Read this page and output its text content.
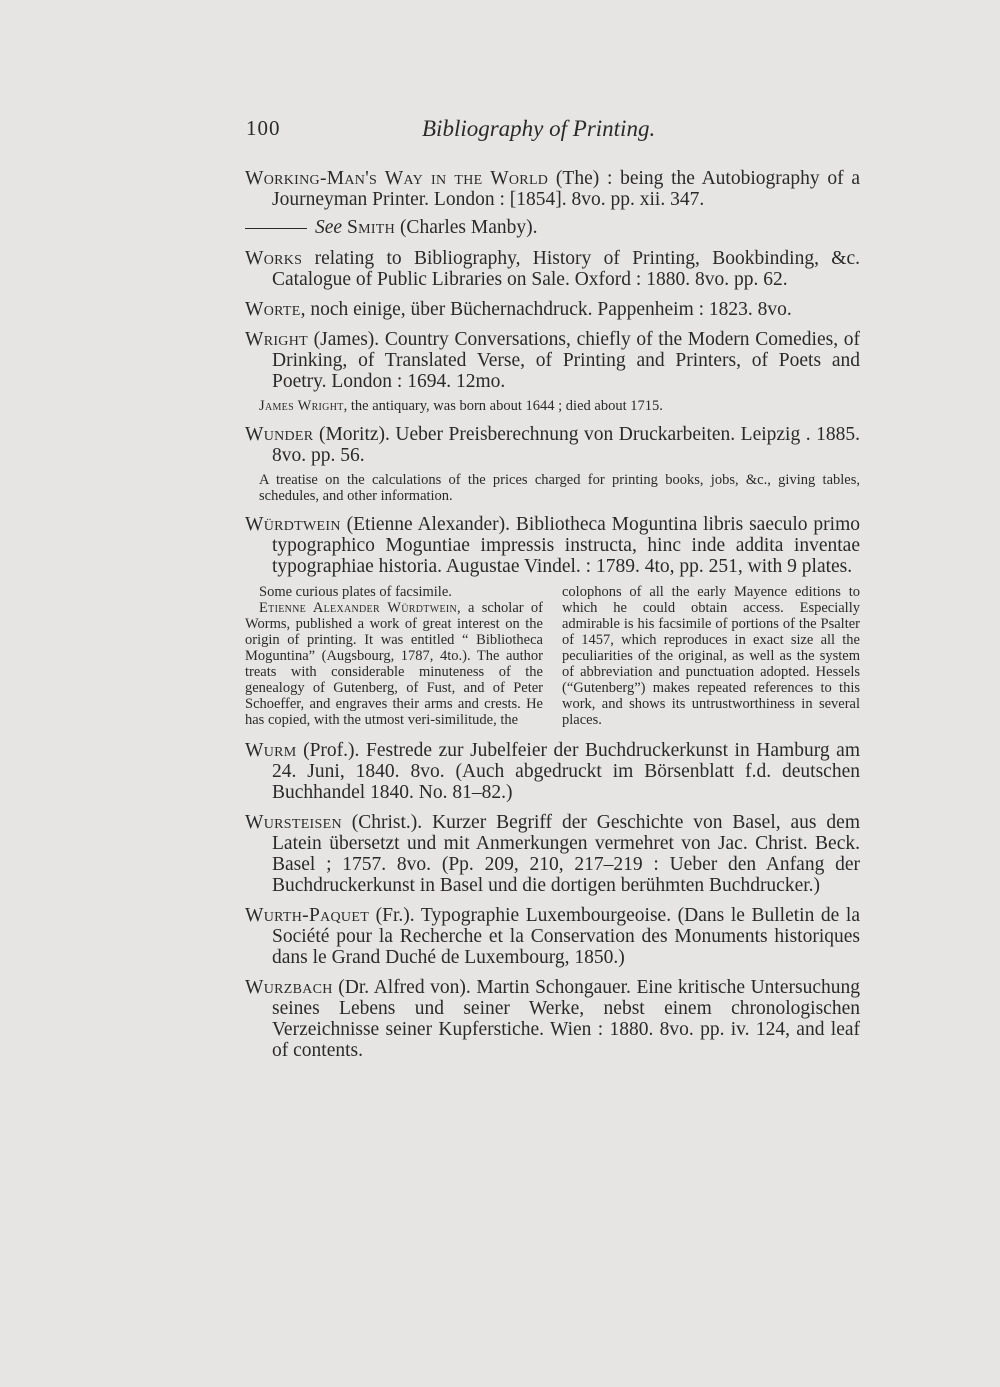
100	Bibliography of Printing.

Working-Man's Way in the World (The) : being the Autobiography of a Journeyman Printer. London : [1854]. 8vo. pp. xii. 347.

See Smith (Charles Manby).

Works relating to Bibliography, History of Printing, Bookbinding, &c. Catalogue of Public Libraries on Sale. Oxford : 1880. 8vo. pp. 62.

Worte, noch einige, über Büchernachdruck. Pappenheim : 1823. 8vo.

Wright (James). Country Conversations, chiefly of the Modern Comedies, of Drinking, of Translated Verse, of Printing and Printers, of Poets and Poetry. London : 1694. 12mo.

James Wright, the antiquary, was born about 1644 ; died about 1715.

Wunder (Moritz). Ueber Preisberechnung von Druckarbeiten. Leipzig . 1885. 8vo. pp. 56.

A treatise on the calculations of the prices charged for printing books, jobs, &c., giving tables, schedules, and other information.

Würdtwein (Etienne Alexander). Bibliotheca Moguntina libris saeculo primo typographico Moguntiae impressis instructa, hinc inde addita inventae typographiae historia. Augustae Vindel. : 1789. 4to, pp. 251, with 9 plates.

Some curious plates of facsimile.

Etienne Alexander Würdtwein, a scholar of Worms, published a work of great interest on the origin of printing. It was entitled “ Bibliotheca Moguntina” (Augsbourg, 1787, 4to.). The author treats with considerable minuteness of the genealogy of Gutenberg, of Fust, and of Peter Schoeffer, and engraves their arms and crests. He has copied, with the utmost veri-similitude, the

colophons of all the early Mayence editions to which he could obtain access. Especially admirable is his facsimile of portions of the Psalter of 1457, which reproduces in exact size all the peculiarities of the original, as well as the system of abbreviation and punctuation adopted. Hessels (“Gutenberg”) makes repeated references to this work, and shows its untrustworthiness in several places.

Wurm (Prof.). Festrede zur Jubelfeier der Buchdruckerkunst in Hamburg am 24. Juni, 1840. 8vo. (Auch abgedruckt im Börsenblatt f.d. deutschen Buchhandel 1840. No. 81–82.)

Wursteisen (Christ.). Kurzer Begriff der Geschichte von Basel, aus dem Latein übersetzt und mit Anmerkungen vermehret von Jac. Christ. Beck. Basel ; 1757. 8vo. (Pp. 209, 210, 217–219 : Ueber den Anfang der Buchdruckerkunst in Basel und die dortigen berühmten Buchdrucker.)

Wurth-Paquet (Fr.). Typographie Luxembourgeoise. (Dans le Bulletin de la Société pour la Recherche et la Conservation des Monuments historiques dans le Grand Duché de Luxembourg, 1850.)

Wurzbach (Dr. Alfred von). Martin Schongauer. Eine kritische Untersuchung seines Lebens und seiner Werke, nebst einem chronologischen Verzeichnisse seiner Kupferstiche. Wien : 1880. 8vo. pp. iv. 124, and leaf of contents.
